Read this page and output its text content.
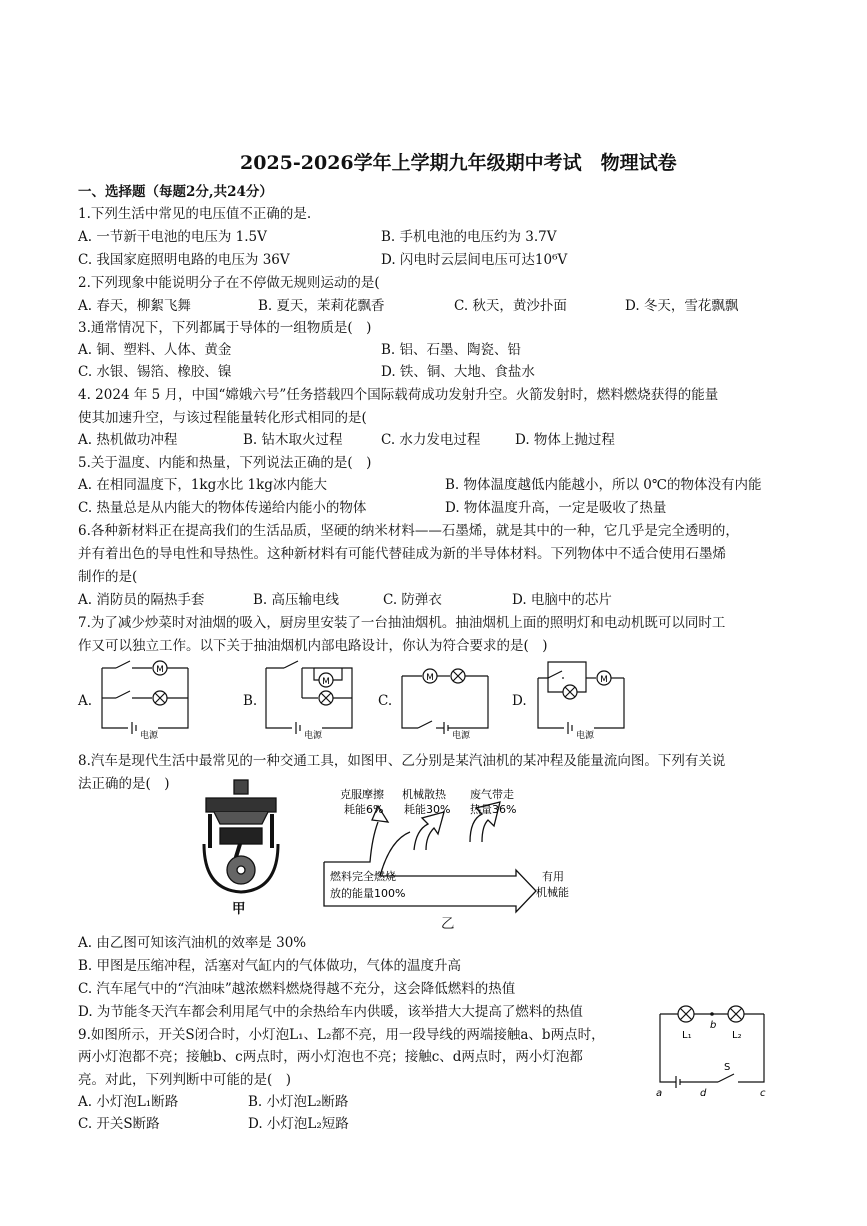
2025-2026学年上学期九年级期中考试　物理试卷
一、选择题（每题2分,共24分）
1.下列生活中常见的电压值不正确的是.
A. 一节新干电池的电压为 1.5V	B. 手机电池的电压约为 3.7V
C. 我国家庭照明电路的电压为 36V	D. 闪电时云层间电压可达10⁶V
2.下列现象中能说明分子在不停做无规则运动的是(
A. 春天，柳絮飞舞	B. 夏天，茉莉花飘香	C. 秋天，黄沙扑面	D. 冬天，雪花飘飘
3.通常情况下，下列都属于导体的一组物质是(　)
A. 铜、塑料、人体、黄金	B. 铝、石墨、陶瓷、铅
C. 水银、锡箔、橡胶、镍	D. 铁、铜、大地、食盐水
4. 2024 年 5 月，中国“嫦娥六号”任务搭载四个国际载荷成功发射升空。火箭发射时，燃料燃烧获得的能量
使其加速升空，与该过程能量转化形式相同的是(
A. 热机做功冲程	B. 钻木取火过程	C. 水力发电过程	D. 物体上抛过程
5.关于温度、内能和热量，下列说法正确的是(　)
A. 在相同温度下，1kg水比 1kg冰内能大	B. 物体温度越低内能越小，所以 0℃的物体没有内能
C. 热量总是从内能大的物体传递给内能小的物体	D. 物体温度升高，一定是吸收了热量
6.各种新材料正在提高我们的生活品质，坚硬的纳米材料——石墨烯，就是其中的一种，它几乎是完全透明的，
并有着出色的导电性和导热性。这种新材料有可能代替硅成为新的半导体材料。下列物体中不适合使用石墨烯
制作的是(
A. 消防员的隔热手套	B. 高压输电线	C. 防弹衣	D. 电脑中的芯片
7.为了减少炒菜时对油烟的吸入，厨房里安装了一台抽油烟机。抽油烟机上面的照明灯和电动机既可以同时工
作又可以独立工作。以下关于抽油烟机内部电路设计，你认为符合要求的是(　)
A.	B.	C.	D.
M
电源
M
电源
M
电源
M
电源
8.汽车是现代生活中最常见的一种交通工具，如图甲、乙分别是某汽油机的某冲程及能量流向图。下列有关说
法正确的是(　)
甲
克服摩擦
耗能6%
机械散热
耗能30%
废气带走
热量36%
燃料完全燃烧
放的能量100%
有用
机械能
乙
A. 由乙图可知该汽油机的效率是 30%
B. 甲图是压缩冲程，活塞对气缸内的气体做功，气体的温度升高
C. 汽车尾气中的“汽油味”越浓燃料燃烧得越不充分，这会降低燃料的热值
D. 为节能冬天汽车都会利用尾气中的余热给车内供暖，该举措大大提高了燃料的热值
9.如图所示，开关S闭合时，小灯泡L₁、L₂都不亮，用一段导线的两端接触a、b两点时，
两小灯泡都不亮；接触b、c两点时，两小灯泡也不亮；接触c、d两点时，两小灯泡都
亮。对此，下列判断中可能的是(　)
A. 小灯泡L₁断路	B. 小灯泡L₂断路
C. 开关S断路	D. 小灯泡L₂短路
b
L₁	L₂
S
a	d	c
